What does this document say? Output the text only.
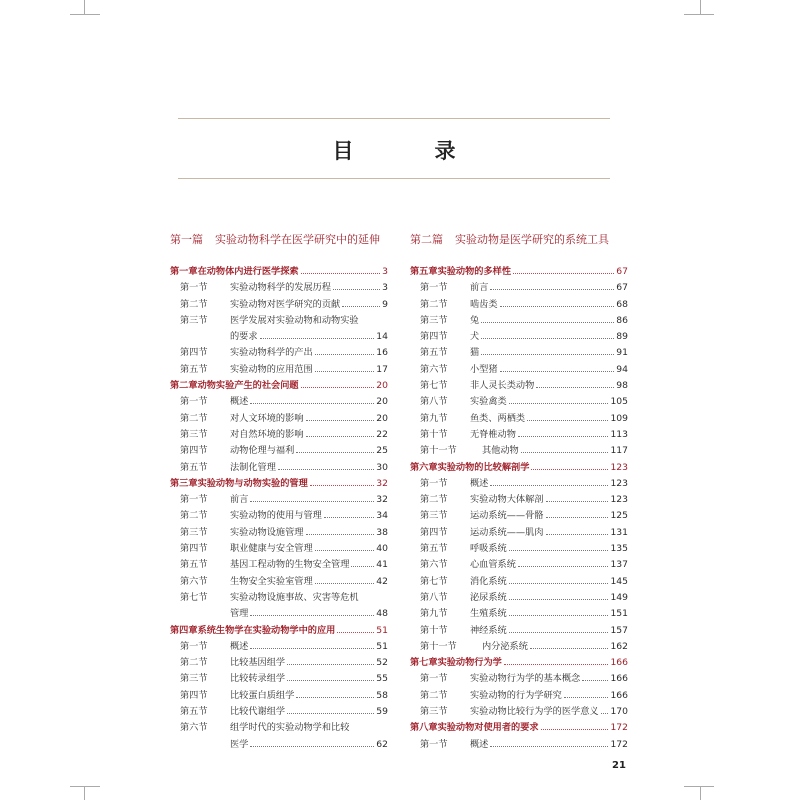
目　录
第一篇 实验动物科学在医学研究中的延伸
第一章 在动物体内进行医学探索	3
第一节	实验动物科学的发展历程	3
第二节	实验动物对医学研究的贡献	9
第三节	医学发展对实验动物和动物实验
的要求	14
第四节	实验动物科学的产出	16
第五节	实验动物的应用范围	17
第二章 动物实验产生的社会问题	20
第一节	概述	20
第二节	对人文环境的影响	20
第三节	对自然环境的影响	22
第四节	动物伦理与福利	25
第五节	法制化管理	30
第三章 实验动物与动物实验的管理	32
第一节	前言	32
第二节	实验动物的使用与管理	34
第三节	实验动物设施管理	38
第四节	职业健康与安全管理	40
第五节	基因工程动物的生物安全管理	41
第六节	生物安全实验室管理	42
第七节	实验动物设施事故、灾害等危机
管理	48
第四章 系统生物学在实验动物学中的应用	51
第一节	概述	51
第二节	比较基因组学	52
第三节	比较转录组学	55
第四节	比较蛋白质组学	58
第五节	比较代谢组学	59
第六节	组学时代的实验动物学和比较
医学	62
第二篇 实验动物是医学研究的系统工具
第五章 实验动物的多样性	67
第一节	前言	67
第二节	啮齿类	68
第三节	兔	86
第四节	犬	89
第五节	猫	91
第六节	小型猪	94
第七节	非人灵长类动物	98
第八节	实验禽类	105
第九节	鱼类、两栖类	109
第十节	无脊椎动物	113
第十一节	其他动物	117
第六章 实验动物的比较解剖学	123
第一节	概述	123
第二节	实验动物大体解剖	123
第三节	运动系统——骨骼	125
第四节	运动系统——肌肉	131
第五节	呼吸系统	135
第六节	心血管系统	137
第七节	消化系统	145
第八节	泌尿系统	149
第九节	生殖系统	151
第十节	神经系统	157
第十一节	内分泌系统	162
第七章 实验动物行为学	166
第一节	实验动物行为学的基本概念	166
第二节	实验动物的行为学研究	166
第三节	实验动物比较行为学的医学意义 170
第八章 实验动物对使用者的要求	172
第一节	概述	172
21
